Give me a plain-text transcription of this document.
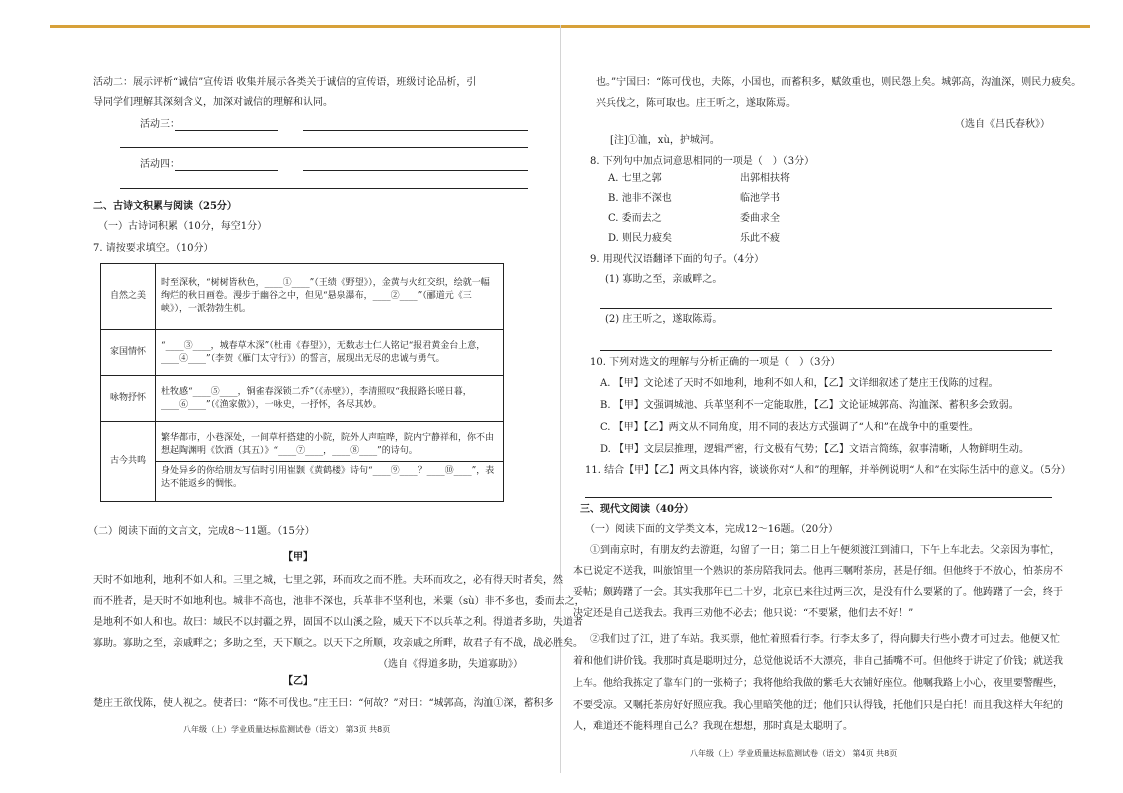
活动二：展示评析“诚信”宣传语 收集并展示各类关于诚信的宣传语，班级讨论品析，引
导同学们理解其深刻含义，加深对诚信的理解和认同。
活动三：
活动四：
二、古诗文积累与阅读（25分）
（一）古诗词积累（10分，每空1分）
7. 请按要求填空。（10分）
自然之美	时至深秋，“树树皆秋色，____①____”（王绩《野望》），金黄与火红交织，绘就一幅绚烂的秋日画卷。漫步于幽谷之中，但见“悬泉瀑布，____②____”（郦道元《三峡》），一派勃勃生机。
家国情怀	“____③____，城春草木深”（杜甫《春望》），无数志士仁人铭记“报君黄金台上意，____④____”（李贺《雁门太守行》）的誓言，展现出无尽的忠诚与勇气。
咏物抒怀	杜牧感“____⑤____，铜雀春深锁二乔”（《赤壁》），李清照叹“我报路长嗟日暮，____⑥____”（《渔家傲》），一咏史，一抒怀，各尽其妙。
古今共鸣	繁华都市，小巷深处，一间草杆搭建的小院，院外人声喧哗，院内宁静祥和，你不由想起陶渊明《饮酒（其五）》“____⑦____，____⑧____”的诗句。
身处异乡的你给朋友写信时引用崔颢《黄鹤楼》诗句“____⑨____？____⑩____”，表达不能返乡的惆怅。
（二）阅读下面的文言文，完成8～11题。（15分）
【甲】
天时不如地利，地利不如人和。三里之城，七里之郭，环而攻之而不胜。夫环而攻之，必有得天时者矣，然
而不胜者，是天时不如地利也。城非不高也，池非不深也，兵革非不坚利也，米粟（sù）非不多也，委而去之，
是地利不如人和也。故曰：域民不以封疆之界，固国不以山溪之险，威天下不以兵革之利。得道者多助，失道者
寡助。寡助之至，亲戚畔之；多助之至，天下顺之。以天下之所顺，攻亲戚之所畔，故君子有不战，战必胜矣。
（选自《得道多助，失道寡助》）
【乙】
楚庄王欲伐陈，使人视之。使者曰：“陈不可伐也。”庄王曰：“何故？”对曰：“城郭高，沟洫①深，蓄积多
八年级（上）学业质量达标监测试卷（语文） 第3页 共8页
也。”宁国曰：“陈可伐也，夫陈，小国也，而蓄积多，赋敛重也，则民怨上矣。城郭高，沟洫深，则民力疲矣。
兴兵伐之，陈可取也。庄王听之，遂取陈焉。
（选自《吕氏春秋》）
[注]①洫，xù，护城河。
8. 下列句中加点词意思相同的一项是（　）（3分）
A. 七里之郭	出郭相扶将
B. 池非不深也	临池学书
C. 委而去之	委曲求全
D. 则民力疲矣	乐此不疲
9. 用现代汉语翻译下面的句子。（4分）
(1) 寡助之至，亲戚畔之。
(2) 庄王听之，遂取陈焉。
10. 下列对选文的理解与分析正确的一项是（　）（3分）
A. 【甲】文论述了天时不如地利，地利不如人和，【乙】文详细叙述了楚庄王伐陈的过程。
B. 【甲】文强调城池、兵革坚利不一定能取胜，【乙】文论证城郭高、沟洫深、蓄积多会致弱。
C. 【甲】【乙】两文从不同角度，用不同的表达方式强调了“人和”在战争中的重要性。
D. 【甲】文层层推理，逻辑严密，行文极有气势；【乙】文语言简练，叙事清晰，人物鲜明生动。
11. 结合【甲】【乙】两文具体内容，谈谈你对“人和”的理解，并举例说明“人和”在实际生活中的意义。（5分）
三、现代文阅读（40分）
（一）阅读下面的文学类文本，完成12～16题。（20分）
①到南京时，有朋友约去游逛，勾留了一日；第二日上午便须渡江到浦口，下午上车北去。父亲因为事忙，
本已说定不送我，叫旅馆里一个熟识的茶房陪我同去。他再三嘱咐茶房，甚是仔细。但他终于不放心，怕茶房不
妥帖；颇踌躇了一会。其实我那年已二十岁，北京已来往过两三次，是没有什么要紧的了。他踌躇了一会，终于
决定还是自己送我去。我再三劝他不必去；他只说：“不要紧，他们去不好！”
②我们过了江，进了车站。我买票，他忙着照看行李。行李太多了，得向脚夫行些小费才可过去。他便又忙
着和他们讲价钱。我那时真是聪明过分，总觉他说话不大漂亮，非自己插嘴不可。但他终于讲定了价钱；就送我
上车。他给我拣定了靠车门的一张椅子；我将他给我做的紫毛大衣铺好座位。他嘱我路上小心，夜里要警醒些，
不要受凉。又嘱托茶房好好照应我。我心里暗笑他的迂；他们只认得钱，托他们只是白托！而且我这样大年纪的
人，难道还不能料理自己么？我现在想想，那时真是太聪明了。
八年级（上）学业质量达标监测试卷（语文） 第4页 共8页
